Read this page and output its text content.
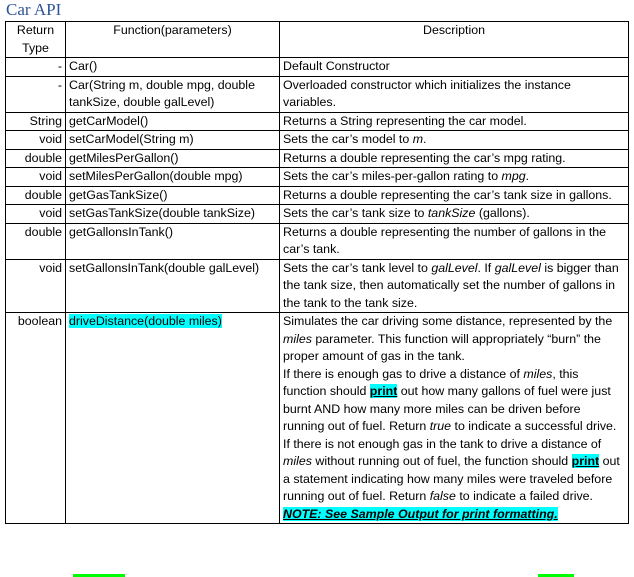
Car API
Return Type	Function(parameters)	Description
-	Car()	Default Constructor
-	Car(String m, double mpg, double tankSize, double galLevel)	Overloaded constructor which initializes the instance variables.
String	getCarModel()	Returns a String representing the car model.
void	setCarModel(String m)	Sets the car’s model to m.
double	getMilesPerGallon()	Returns a double representing the car’s mpg rating.
void	setMilesPerGallon(double mpg)	Sets the car’s miles-per-gallon rating to mpg.
double	getGasTankSize()	Returns a double representing the car’s tank size in gallons.
void	setGasTankSize(double tankSize)	Sets the car’s tank size to tankSize (gallons).
double	getGallonsInTank()	Returns a double representing the number of gallons in the car’s tank.
void	setGallonsInTank(double galLevel)	Sets the car’s tank level to galLevel. If galLevel is bigger than the tank size, then automatically set the number of gallons in the tank to the tank size.
boolean	driveDistance(double miles)	Simulates the car driving some distance, represented by the miles parameter. This function will appropriately “burn” the proper amount of gas in the tank.
If there is enough gas to drive a distance of miles, this function should print out how many gallons of fuel were just burnt AND how many more miles can be driven before running out of fuel. Return true to indicate a successful drive.
If there is not enough gas in the tank to drive a distance of miles without running out of fuel, the function should print out a statement indicating how many miles were traveled before running out of fuel. Return false to indicate a failed drive.
NOTE: See Sample Output for print formatting.
